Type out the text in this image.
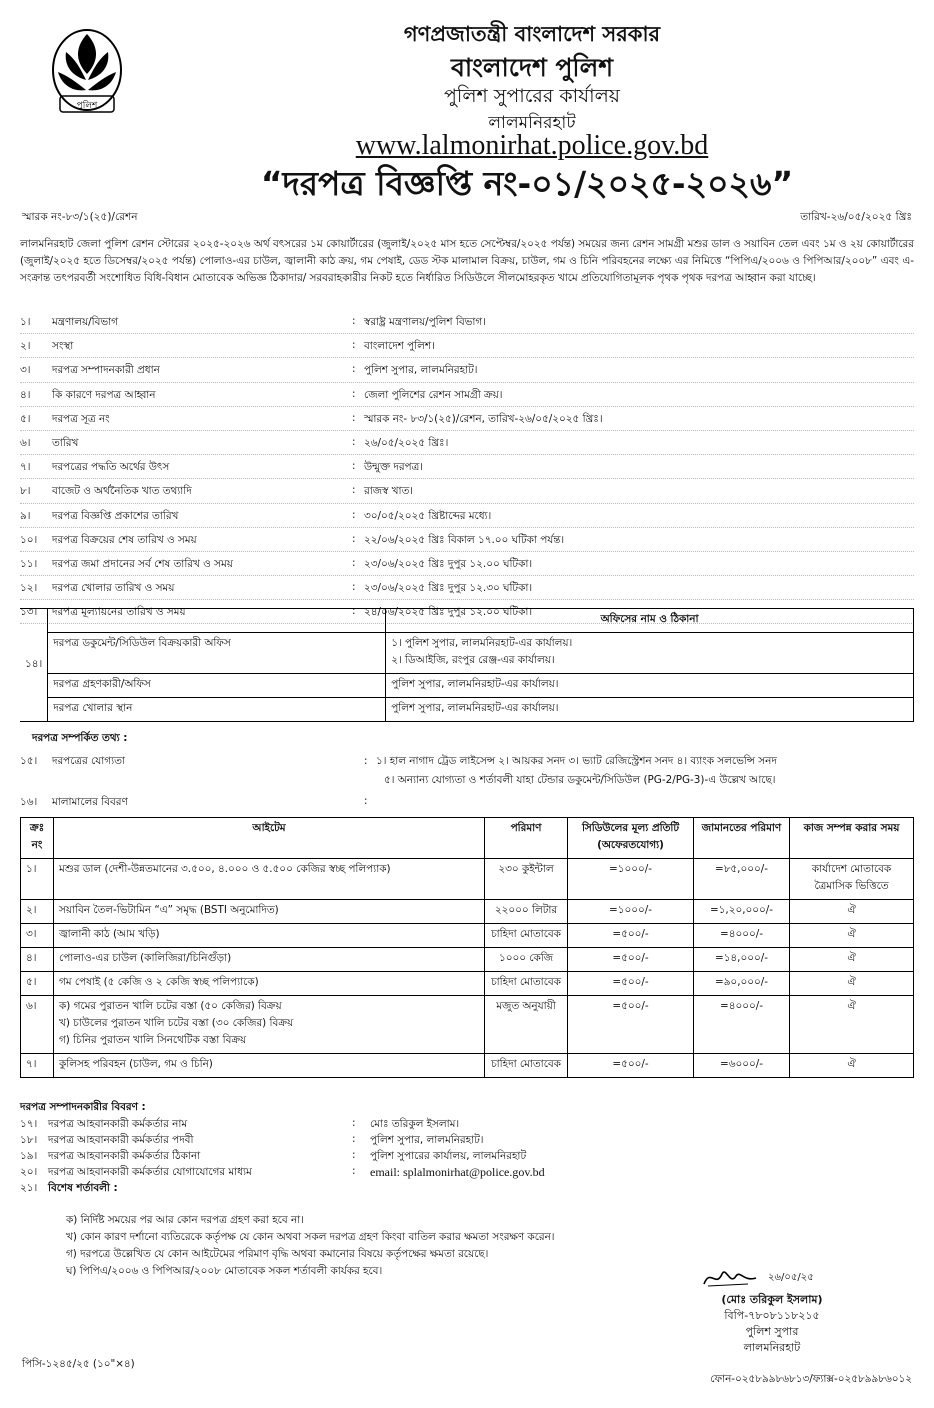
পুলিশ
গণপ্রজাতন্ত্রী বাংলাদেশ সরকার
বাংলাদেশ পুলিশ
পুলিশ সুপারের কার্যালয়
লালমনিরহাট
www.lalmonirhat.police.gov.bd
“দরপত্র বিজ্ঞপ্তি নং-০১/২০২৫-২০২৬”
স্মারক নং-৮৩/১(২৫)/রেশন	তারিখ-২৬/০৫/২০২৫ খ্রিঃ
লালমনিরহাট জেলা পুলিশ রেশন স্টোরের ২০২৫-২০২৬ অর্থ বৎসরের ১ম কোয়ার্টারের (জুলাই/২০২৫ মাস হতে সেপ্টেম্বর/২০২৫ পর্যন্ত) সময়ের জন্য রেশন সামগ্রী মশুর ডাল ও সয়াবিন তেল এবং ১ম ও ২য় কোয়ার্টারের (জুলাই/২০২৫ হতে ডিসেম্বর/২০২৫ পর্যন্ত) পোলাও-এর চাউল, জ্বালানী কাঠ ক্রয়, গম পেষাই, ডেড স্টক মালামাল বিক্রয়, চাউল, গম ও চিনি পরিবহনের লক্ষ্যে এর নিমিত্তে “পিপিএ/২০০৬ ও পিপিআর/২০০৮” এবং এ-সংক্রান্ত তৎপরবর্তী সংশোধিত বিধি-বিধান মোতাবেক অভিজ্ঞ ঠিকাদার/ সরবরাহকারীর নিকট হতে নির্ধারিত সিডিউলে সীলমোহরকৃত খামে প্রতিযোগিতামূলক পৃথক পৃথক দরপত্র আহ্বান করা যাচ্ছে।
১। মন্ত্রণালয়/বিভাগ	: স্বরাষ্ট্র মন্ত্রণালয়/পুলিশ বিভাগ।
২। সংস্থা	: বাংলাদেশ পুলিশ।
৩। দরপত্র সম্পাদনকারী প্রধান	: পুলিশ সুপার, লালমনিরহাট।
৪। কি কারণে দরপত্র আহ্বান	: জেলা পুলিশের রেশন সামগ্রী ক্রয়।
৫। দরপত্র সূত্র নং	: স্মারক নং- ৮৩/১(২৫)/রেশন, তারিখ-২৬/০৫/২০২৫ খ্রিঃ।
৬। তারিখ	: ২৬/০৫/২০২৫ খ্রিঃ।
৭। দরপত্রের পদ্ধতি অর্থের উৎস	: উন্মুক্ত দরপত্র।
৮। বাজেট ও অর্থনৈতিক খাত তথ্যাদি	: রাজস্ব খাত।
৯। দরপত্র বিজ্ঞপ্তি প্রকাশের তারিখ	: ৩০/০৫/২০২৫ খ্রিষ্টাব্দের মধ্যে।
১০। দরপত্র বিক্রয়ের শেষ তারিখ ও সময়	: ২২/০৬/২০২৫ খ্রিঃ বিকাল ১৭.০০ ঘটিকা পর্যন্ত।
১১। দরপত্র জমা প্রদানের সর্ব শেষ তারিখ ও সময়	: ২৩/০৬/২০২৫ খ্রিঃ দুপুর ১২.০০ ঘটিকা।
১২। দরপত্র খোলার তারিখ ও সময়	: ২৩/০৬/২০২৫ খ্রিঃ দুপুর ১২.৩০ ঘটিকা।
১৩। দরপত্র মূল্যায়নের তারিখ ও সময়	: ২৪/০৬/২০২৫ খ্রিঃ দুপুর ১২.০০ ঘটিকা।
১৪।		অফিসের নাম ও ঠিকানা
	দরপত্র ডকুমেন্ট/সিডিউল বিক্রয়কারী অফিস	১। পুলিশ সুপার, লালমনিরহাট-এর কার্যালয়।
২। ডিআইজি, রংপুর রেঞ্জ-এর কার্যালয়।

	দরপত্র গ্রহণকারী/অফিস	পুলিশ সুপার, লালমনিরহাট-এর কার্যালয়।
	দরপত্র খোলার স্থান	পুলিশ সুপার, লালমনিরহাট-এর কার্যালয়।
দরপত্র সম্পর্কিত তথ্য :
১৫। দরপত্রের যোগ্যতা	: ১। হাল নাগাদ ট্রেড লাইসেন্স ২। আয়কর সনদ ৩। ভ্যাট রেজিস্ট্রেশন সনদ ৪। ব্যাংক সলভেন্সি সনদ
৫। অন্যান্য যোগ্যতা ও শর্তাবলী যাহা টেন্ডার ডকুমেন্ট/সিডিউল (PG-2/PG-3)-এ উল্লেখ আছে।
১৬। মালামালের বিবরণ	:
ক্রঃ নং	আইটেম	পরিমাণ	সিডিউলের মূল্য প্রতিটি (অফেরতযোগ্য)	জামানতের পরিমাণ	কাজ সম্পন্ন করার সময়
১।	মশুর ডাল (দেশী-উন্নতমানের ৩.৫০০, ৪.০০০ ও ৫.৫০০ কেজির স্বচ্ছ পলিপ্যাক)	২৩০ কুইন্টাল	=১০০০/-	=৮৫,০০০/-	কার্যাদেশ মোতাবেক ত্রৈমাসিক ভিত্তিতে
২।	সয়াবিন তৈল-ভিটামিন “এ” সমৃদ্ধ (BSTI অনুমোদিত)	২২০০০ লিটার	=১০০০/-	=১,২০,০০০/-	ঐ
৩।	জ্বালানী কাঠ (আম খড়ি)	চাহিদা মোতাবেক	=৫০০/-	=৪০০০/-	ঐ
৪।	পোলাও-এর চাউল (কালিজিরা/চিনিগুঁড়া)	১০০০ কেজি	=৫০০/-	=১৪,০০০/-	ঐ
৫।	গম পেষাই (৫ কেজি ও ২ কেজি স্বচ্ছ পলিপ্যাকে)	চাহিদা মোতাবেক	=৫০০/-	=৯০,০০০/-	ঐ
৬।	ক) গমের পুরাতন খালি চটের বস্তা (৫০ কেজির) বিক্রয়
খ) চাউলের পুরাতন খালি চটের বস্তা (৩০ কেজির) বিক্রয়
গ) চিনির পুরাতন খালি সিনথেটিক বস্তা বিক্রয়	মজুত অনুযায়ী	=৫০০/-	=৪০০০/-	ঐ
৭।	কুলিসহ পরিবহন (চাউল, গম ও চিনি)	চাহিদা মোতাবেক	=৫০০/-	=৬০০০/-	ঐ
দরপত্র সম্পাদনকারীর বিবরণ :
১৭। দরপত্র আহবানকারী কর্মকর্তার নাম	: মোঃ তরিকুল ইসলাম।
১৮। দরপত্র আহবানকারী কর্মকর্তার পদবী	: পুলিশ সুপার, লালমনিরহাট।
১৯। দরপত্র আহবানকারী কর্মকর্তার ঠিকানা	: পুলিশ সুপারের কার্যালয়, লালমনিরহাট
২০। দরপত্র আহবানকারী কর্মকর্তার যোগাযোগের মাধ্যম	: email: splalmonirhat@police.gov.bd
২১। বিশেষ শর্তাবলী :
ক) নির্দিষ্ট সময়ের পর আর কোন দরপত্র গ্রহণ করা হবে না।
খ) কোন কারণ দর্শানো ব্যতিরেকে কর্তৃপক্ষ যে কোন অথবা সকল দরপত্র গ্রহণ কিংবা বাতিল করার ক্ষমতা সংরক্ষণ করেন।
গ) দরপত্রে উল্লেখিত যে কোন আইটেমের পরিমাণ বৃদ্ধি অথবা কমানোর বিষয়ে কর্তৃপক্ষের ক্ষমতা রয়েছে।
ঘ) পিপিএ/২০০৬ ও পিপিআর/২০০৮ মোতাবেক সকল শর্তাবলী কার্যকর হবে।
২৬/০৫/২৫
(মোঃ তরিকুল ইসলাম)
বিপি-৭৮০৮১১৮২১৫
পুলিশ সুপার
লালমনিরহাট
পিসি-১২৪৫/২৫ (১০"×৪)
ফোন-০২৫৮৯৯৮৬৮১৩/ফ্যাক্স-০২৫৮৯৯৮৬০১২
